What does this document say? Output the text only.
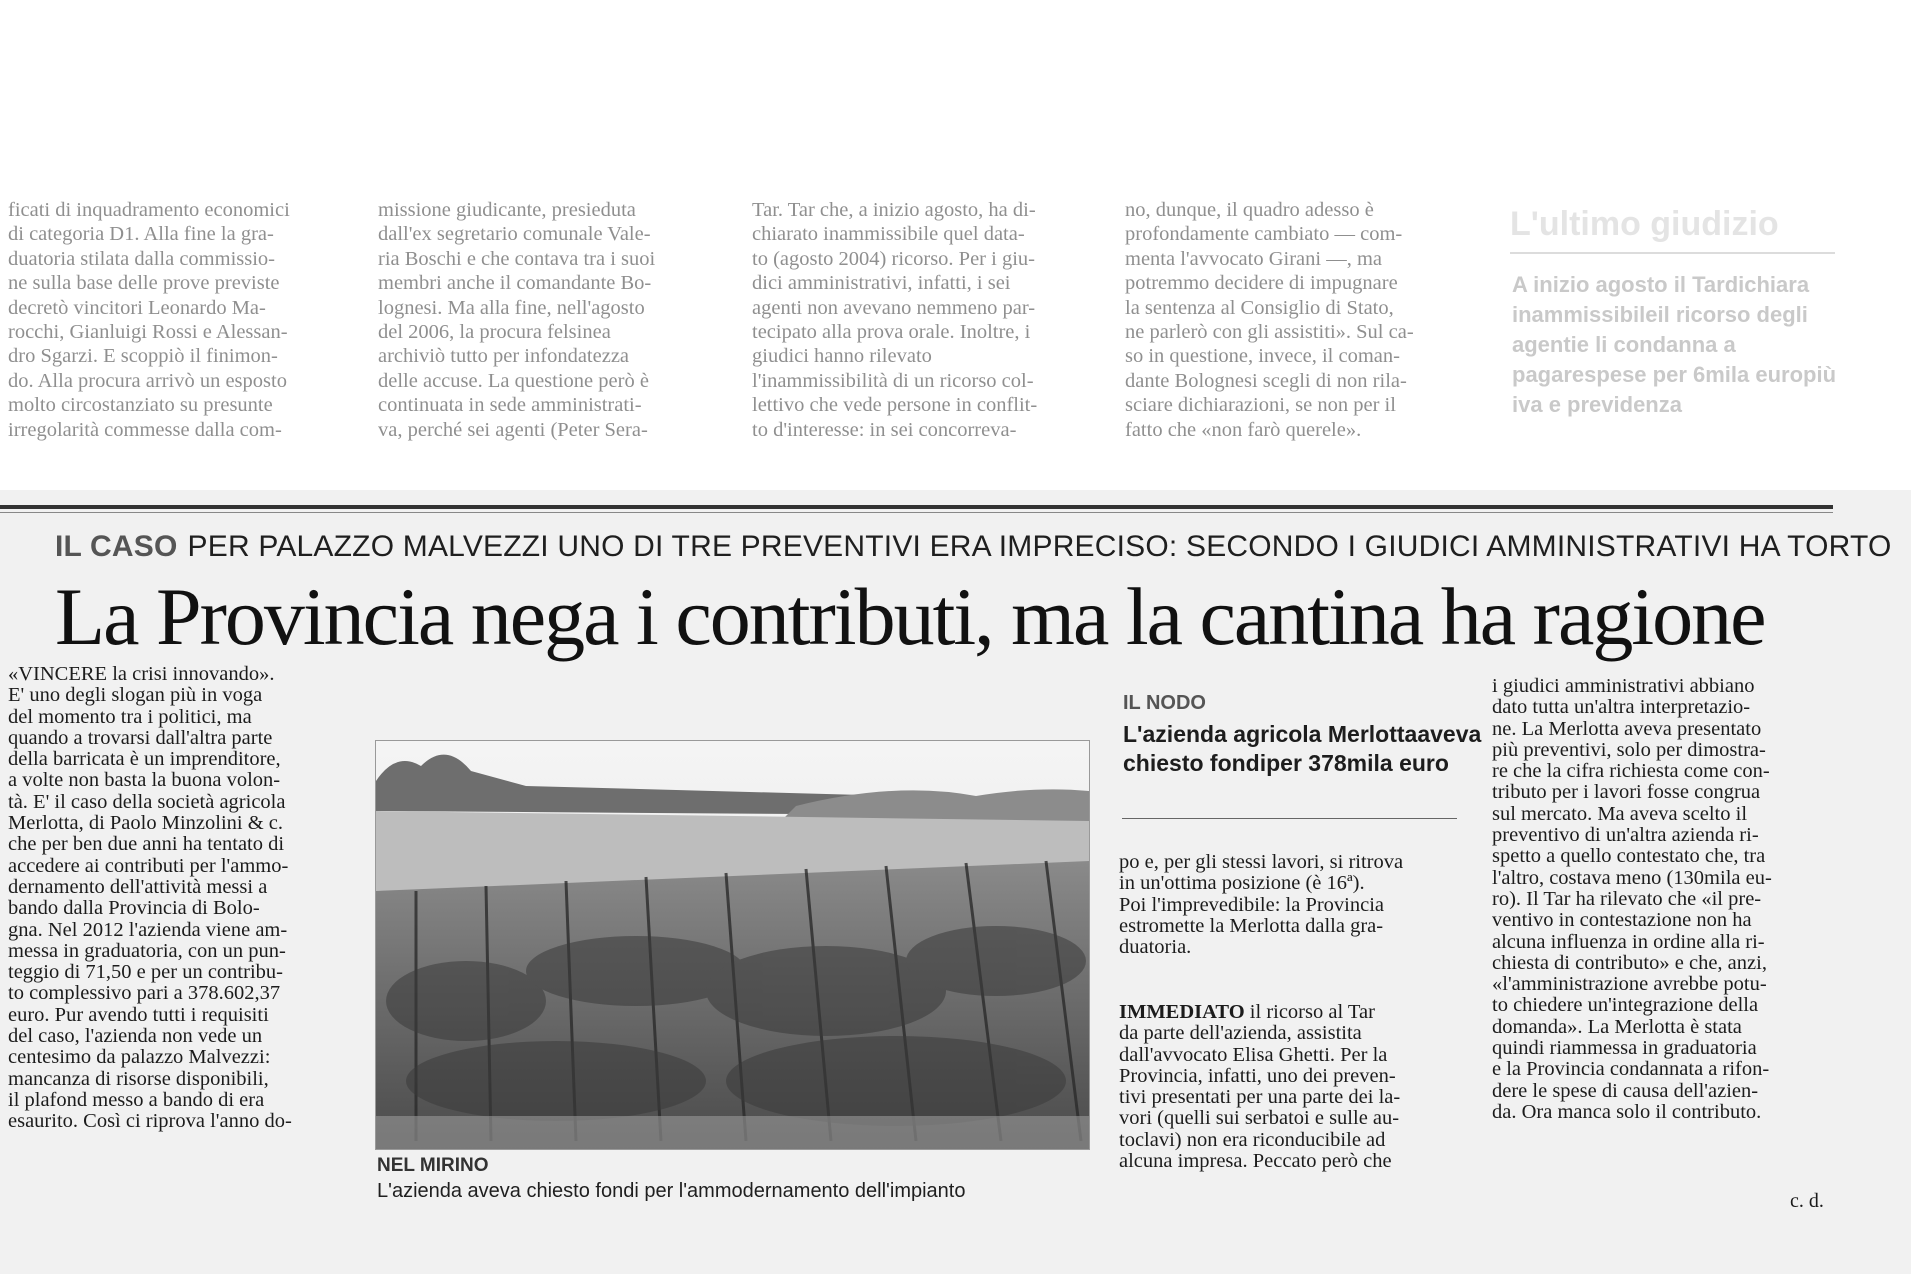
ficati di inquadramento economici
di categoria D1. Alla fine la gra-
duatoria stilata dalla commissio-
ne sulla base delle prove previste
decretò vincitori Leonardo Ma-
rocchi, Gianluigi Rossi e Alessan-
dro Sgarzi. E scoppiò il finimon-
do. Alla procura arrivò un esposto
molto circostanziato su presunte
irregolarità commesse dalla com-
missione giudicante, presieduta
dall'ex segretario comunale Vale-
ria Boschi e che contava tra i suoi
membri anche il comandante Bo-
lognesi. Ma alla fine, nell'agosto
del 2006, la procura felsinea
archiviò tutto per infondatezza
delle accuse. La questione però è
continuata in sede amministrati-
va, perché sei agenti (Peter Sera-
Tar. Tar che, a inizio agosto, ha di-
chiarato inammissibile quel data-
to (agosto 2004) ricorso. Per i giu-
dici amministrativi, infatti, i sei
agenti non avevano nemmeno par-
tecipato alla prova orale. Inoltre, i
giudici hanno rilevato
l'inammissibilità di un ricorso col-
lettivo che vede persone in conflit-
to d'interesse: in sei concorreva-
no, dunque, il quadro adesso è
profondamente cambiato — com-
menta l'avvocato Girani —, ma
potremmo decidere di impugnare
la sentenza al Consiglio di Stato,
ne parlerò con gli assistiti». Sul ca-
so in questione, invece, il coman-
dante Bolognesi scegli di non rila-
sciare dichiarazioni, se non per il
fatto che «non farò querele».
L'ultimo giudizio
A inizio agosto il Tardichiara inammissibileil ricorso degli agentie li condanna a pagarespese per 6mila europiù iva e previdenza
IL CASO PER PALAZZO MALVEZZI UNO DI TRE PREVENTIVI ERA IMPRECISO: SECONDO I GIUDICI AMMINISTRATIVI HA TORTO
La Provincia nega i contributi, ma la cantina ha ragione
«VINCERE la crisi innovando».
E' uno degli slogan più in voga
del momento tra i politici, ma
quando a trovarsi dall'altra parte
della barricata è un imprenditore,
a volte non basta la buona volon-
tà. E' il caso della società agricola
Merlotta, di Paolo Minzolini & c.
che per ben due anni ha tentato di
accedere ai contributi per l'ammo-
dernamento dell'attività messi a
bando dalla Provincia di Bolo-
gna. Nel 2012 l'azienda viene am-
messa in graduatoria, con un pun-
teggio di 71,50 e per un contribu-
to complessivo pari a 378.602,37
euro. Pur avendo tutti i requisiti
del caso, l'azienda non vede un
centesimo da palazzo Malvezzi:
mancanza di risorse disponibili,
il plafond messo a bando di era
esaurito. Così ci riprova l'anno do-
NEL MIRINO
L'azienda aveva chiesto fondi per l'ammodernamento dell'impianto
IL NODO
L'azienda agricola Merlottaaveva chiesto fondiper 378mila euro
po e, per gli stessi lavori, si ritrova
in un'ottima posizione (è 16ª).
Poi l'imprevedibile: la Provincia
estromette la Merlotta dalla gra-
duatoria.
IMMEDIATO il ricorso al Tar
da parte dell'azienda, assistita
dall'avvocato Elisa Ghetti. Per la
Provincia, infatti, uno dei preven-
tivi presentati per una parte dei la-
vori (quelli sui serbatoi e sulle au-
toclavi) non era riconducibile ad
alcuna impresa. Peccato però che
i giudici amministrativi abbiano
dato tutta un'altra interpretazio-
ne. La Merlotta aveva presentato
più preventivi, solo per dimostra-
re che la cifra richiesta come con-
tributo per i lavori fosse congrua
sul mercato. Ma aveva scelto il
preventivo di un'altra azienda ri-
spetto a quello contestato che, tra
l'altro, costava meno (130mila eu-
ro). Il Tar ha rilevato che «il pre-
ventivo in contestazione non ha
alcuna influenza in ordine alla ri-
chiesta di contributo» e che, anzi,
«l'amministrazione avrebbe potu-
to chiedere un'integrazione della
domanda». La Merlotta è stata
quindi riammessa in graduatoria
e la Provincia condannata a rifon-
dere le spese di causa dell'azien-
da. Ora manca solo il contributo.
c. d.
